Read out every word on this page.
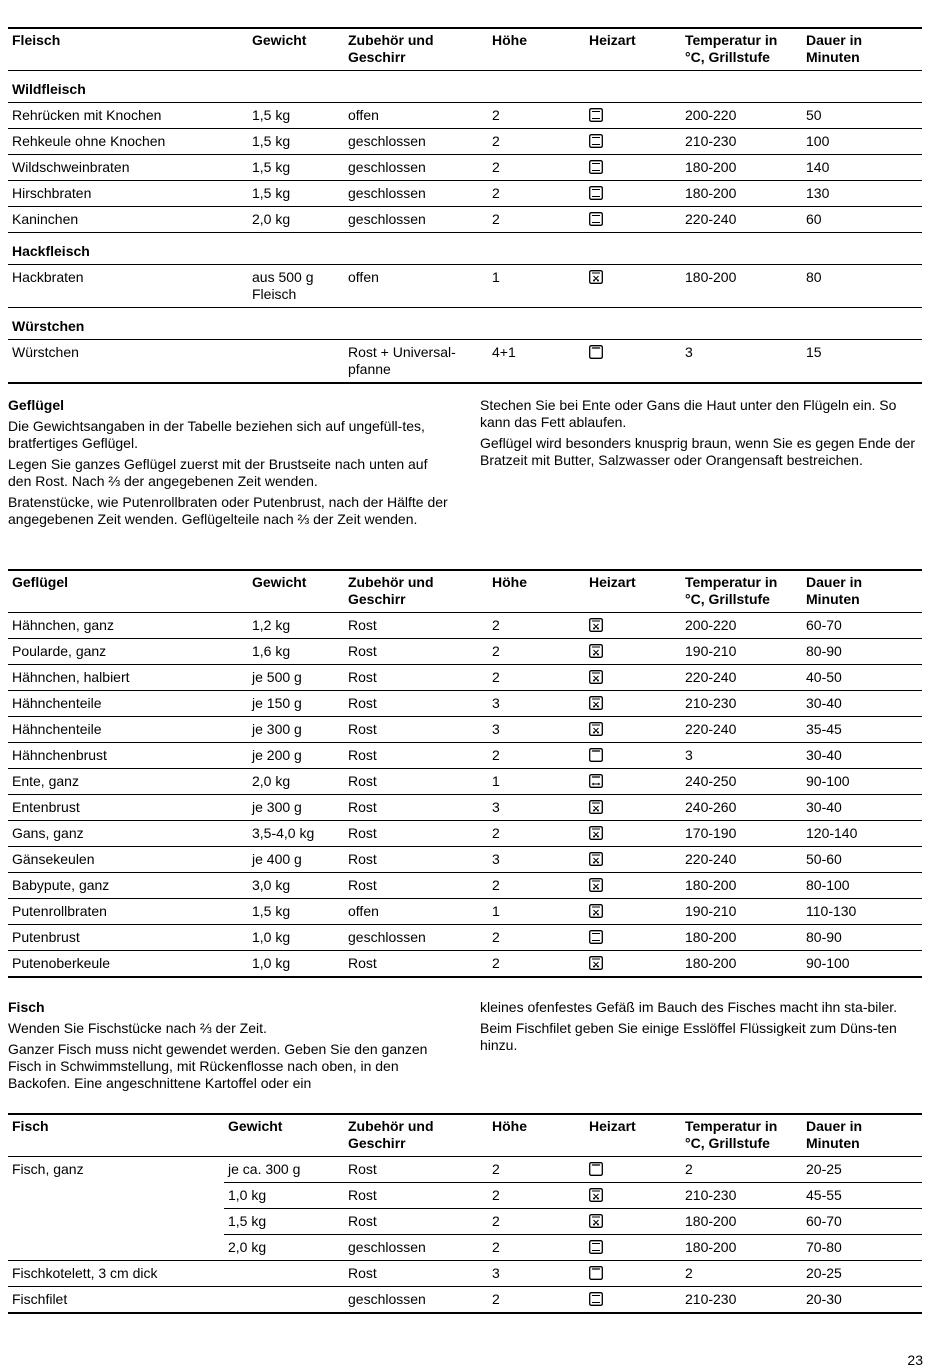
Fleisch	Gewicht	Zubehör und Geschirr	Höhe	Heizart	Temperatur in °C, Grillstufe	Dauer in Minuten
Wildfleisch						
Rehrücken mit Knochen	1,5 kg	offen	2		200-220	50
Rehkeule ohne Knochen	1,5 kg	geschlossen	2		210-230	100
Wildschweinbraten	1,5 kg	geschlossen	2		180-200	140
Hirschbraten	1,5 kg	geschlossen	2		180-200	130
Kaninchen	2,0 kg	geschlossen	2		220-240	60
Hackfleisch						
Hackbraten	aus 500 g Fleisch	offen	1		180-200	80
Würstchen						
Würstchen		Rost + Universal-pfanne	4+1		3	15
Geflügel

Die Gewichtsangaben in der Tabelle beziehen sich auf ungefüll-tes, bratfertiges Geflügel.

Legen Sie ganzes Geflügel zuerst mit der Brustseite nach unten auf den Rost. Nach ⅔ der angegebenen Zeit wenden.

Bratenstücke, wie Putenrollbraten oder Putenbrust, nach der Hälfte der angegebenen Zeit wenden. Geflügelteile nach ⅔ der Zeit wenden.

Stechen Sie bei Ente oder Gans die Haut unter den Flügeln ein. So kann das Fett ablaufen.

Geflügel wird besonders knusprig braun, wenn Sie es gegen Ende der Bratzeit mit Butter, Salzwasser oder Orangensaft bestreichen.

Geflügel	Gewicht	Zubehör und Geschirr	Höhe	Heizart	Temperatur in °C, Grillstufe	Dauer in Minuten
Hähnchen, ganz	1,2 kg	Rost	2		200-220	60-70
Poularde, ganz	1,6 kg	Rost	2		190-210	80-90
Hähnchen, halbiert	je 500 g	Rost	2		220-240	40-50
Hähnchenteile	je 150 g	Rost	3		210-230	30-40
Hähnchenteile	je 300 g	Rost	3		220-240	35-45
Hähnchenbrust	je 200 g	Rost	2		3	30-40
Ente, ganz	2,0 kg	Rost	1		240-250	90-100
Entenbrust	je 300 g	Rost	3		240-260	30-40
Gans, ganz	3,5-4,0 kg	Rost	2		170-190	120-140
Gänsekeulen	je 400 g	Rost	3		220-240	50-60
Babypute, ganz	3,0 kg	Rost	2		180-200	80-100
Putenrollbraten	1,5 kg	offen	1		190-210	110-130
Putenbrust	1,0 kg	geschlossen	2		180-200	80-90
Putenoberkeule	1,0 kg	Rost	2		180-200	90-100
Fisch

Wenden Sie Fischstücke nach ⅔ der Zeit.

Ganzer Fisch muss nicht gewendet werden. Geben Sie den ganzen Fisch in Schwimmstellung, mit Rückenflosse nach oben, in den Backofen. Eine angeschnittene Kartoffel oder ein

kleines ofenfestes Gefäß im Bauch des Fisches macht ihn sta-biler.

Beim Fischfilet geben Sie einige Esslöffel Flüssigkeit zum Düns-ten hinzu.

Fisch	Gewicht	Zubehör und Geschirr	Höhe	Heizart	Temperatur in °C, Grillstufe	Dauer in Minuten
Fisch, ganz	je ca. 300 g	Rost	2		2	20-25
	1,0 kg	Rost	2		210-230	45-55
	1,5 kg	Rost	2		180-200	60-70
	2,0 kg	geschlossen	2		180-200	70-80
Fischkotelett, 3 cm dick		Rost	3		2	20-25
Fischfilet		geschlossen	2		210-230	20-30
23
